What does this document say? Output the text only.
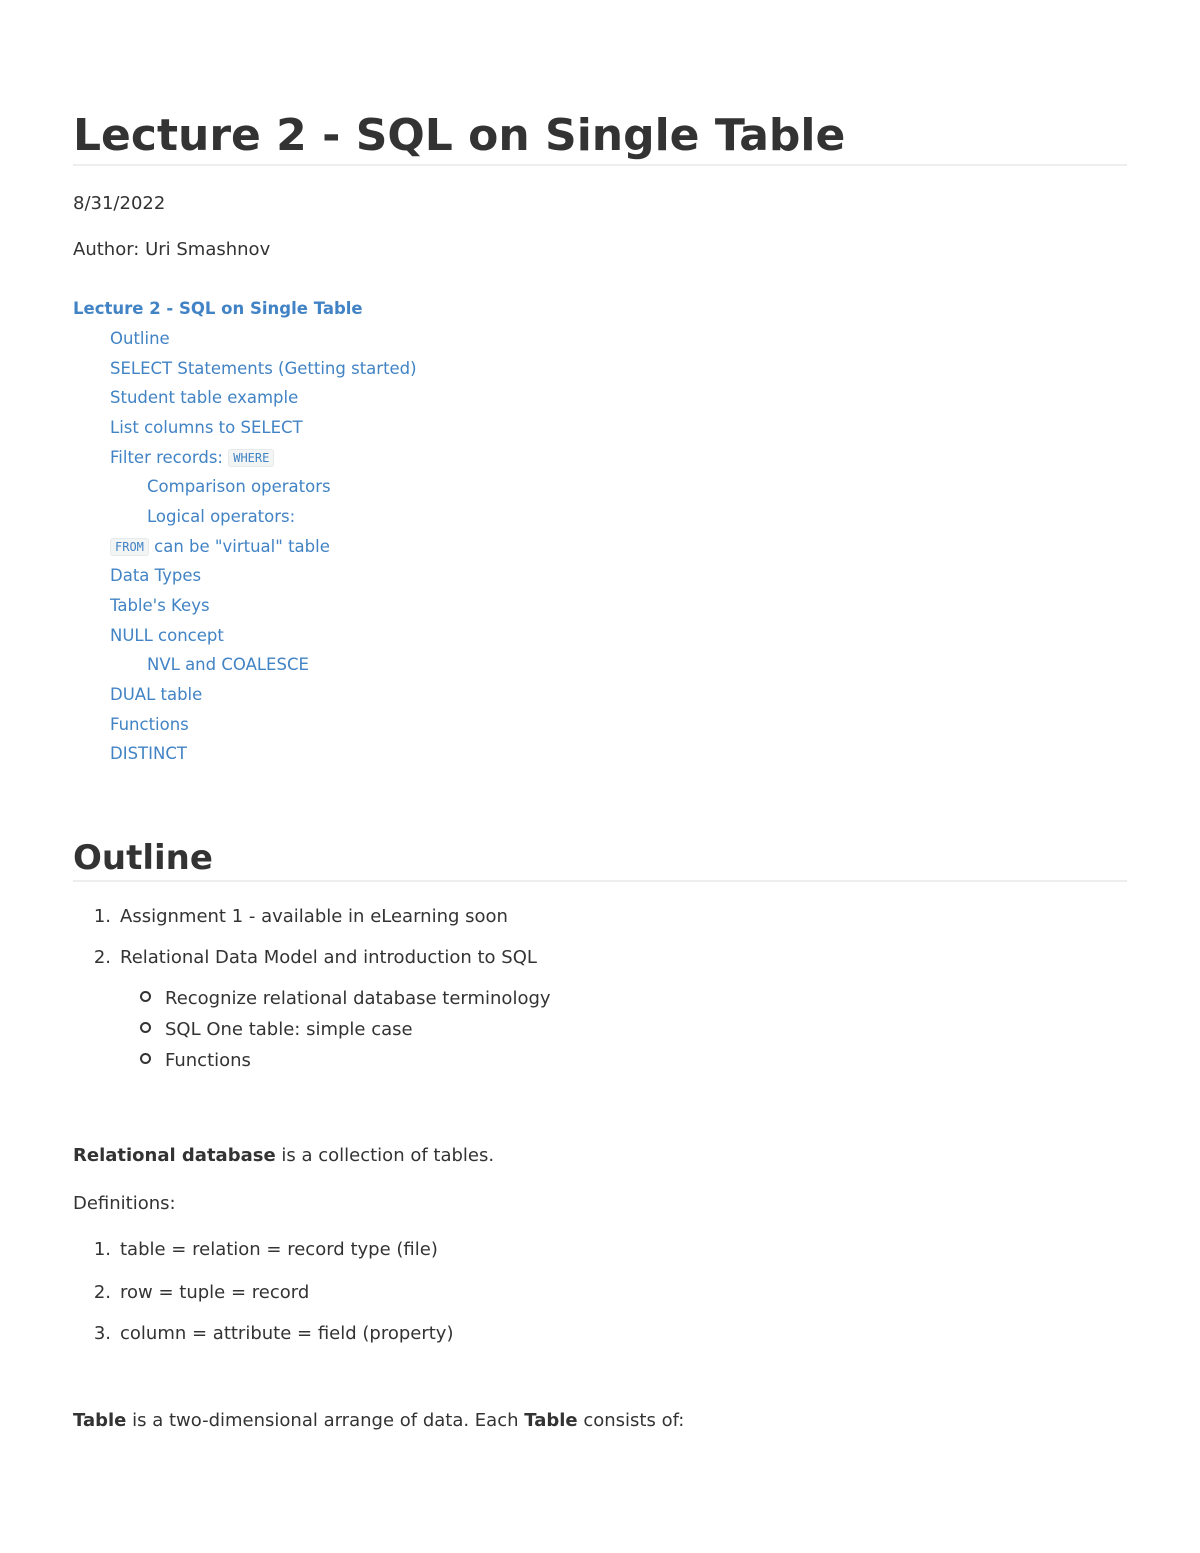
Lecture 2 - SQL on Single Table
8/31/2022
Author: Uri Smashnov
Lecture 2 - SQL on Single Table
Outline
SELECT Statements (Getting started)
Student table example
List columns to SELECT
Filter records: WHERE
Comparison operators
Logical operators:
FROM can be "virtual" table
Data Types
Table's Keys
NULL concept
NVL and COALESCE
DUAL table
Functions
DISTINCT
Outline
1. Assignment 1 - available in eLearning soon
2. Relational Data Model and introduction to SQL
Recognize relational database terminology
SQL One table: simple case
Functions
Relational database is a collection of tables.
Definitions:
1. table = relation = record type (file)
2. row = tuple = record
3. column = attribute = field (property)
Table is a two-dimensional arrange of data. Each Table consists of:
